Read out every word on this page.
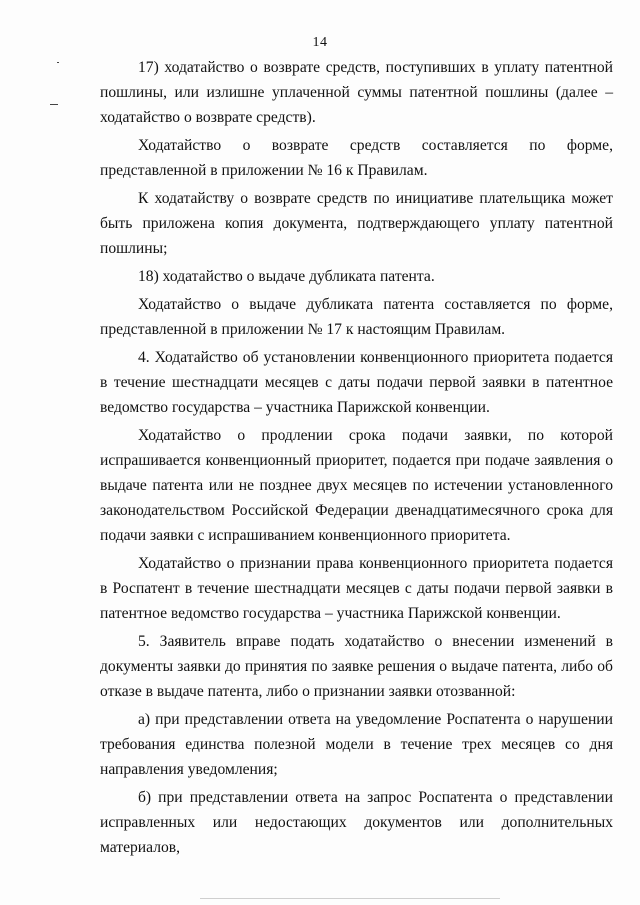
14

17) ходатайство о возврате средств, поступивших в уплату патентной пошлины, или излишне уплаченной суммы патентной пошлины (далее – ходатайство о возврате средств).

Ходатайство о возврате средств составляется по форме, представленной в приложении № 16 к Правилам.

К ходатайству о возврате средств по инициативе плательщика может быть приложена копия документа, подтверждающего уплату патентной пошлины;

18) ходатайство о выдаче дубликата патента.

Ходатайство о выдаче дубликата патента составляется по форме, представленной в приложении № 17 к настоящим Правилам.

4. Ходатайство об установлении конвенционного приоритета подается в течение шестнадцати месяцев с даты подачи первой заявки в патентное ведомство государства – участника Парижской конвенции.

Ходатайство о продлении срока подачи заявки, по которой испрашивается конвенционный приоритет, подается при подаче заявления о выдаче патента или не позднее двух месяцев по истечении установленного законодательством Российской Федерации двенадцатимесячного срока для подачи заявки с испрашиванием конвенционного приоритета.

Ходатайство о признании права конвенционного приоритета подается в Роспатент в течение шестнадцати месяцев с даты подачи первой заявки в патентное ведомство государства – участника Парижской конвенции.

5. Заявитель вправе подать ходатайство о внесении изменений в документы заявки до принятия по заявке решения о выдаче патента, либо об отказе в выдаче патента, либо о признании заявки отозванной:

а) при представлении ответа на уведомление Роспатента о нарушении требования единства полезной модели в течение трех месяцев со дня направления уведомления;

б) при представлении ответа на запрос Роспатента о представлении исправленных или недостающих документов или дополнительных материалов,
